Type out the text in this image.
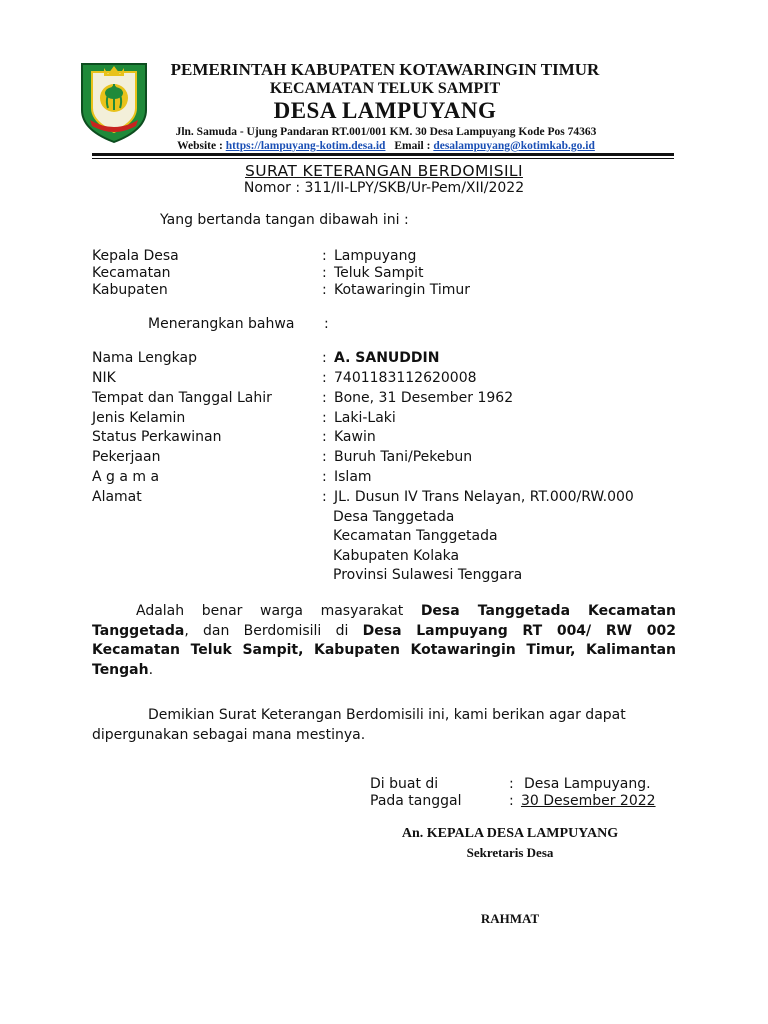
PEMERINTAH KABUPATEN KOTAWARINGIN TIMUR
KECAMATAN TELUK SAMPIT
DESA LAMPUYANG
Jln. Samuda - Ujung Pandaran RT.001/001 KM. 30 Desa Lampuyang Kode Pos 74363
Website : https://lampuyang-kotim.desa.id Email : desalampuyang@kotimkab.go.id
SURAT KETERANGAN BERDOMISILI
Nomor : 311/II-LPY/SKB/Ur-Pem/XII/2022
Yang bertanda tangan dibawah ini :
Kepala Desa	: Lampuyang
Kecamatan	: Teluk Sampit
Kabupaten	: Kotawaringin Timur
Menerangkan bahwa :
Nama Lengkap	: A. SANUDDIN
NIK	: 7401183112620008
Tempat dan Tanggal Lahir	: Bone, 31 Desember 1962
Jenis Kelamin	: Laki-Laki
Status Perkawinan	: Kawin
Pekerjaan	: Buruh Tani/Pekebun
A g a m a	: Islam
Alamat	: JL. Dusun IV Trans Nelayan, RT.000/RW.000
Desa Tanggetada
Kecamatan Tanggetada
Kabupaten Kolaka
Provinsi Sulawesi Tenggara
Adalah benar warga masyarakat Desa Tanggetada Kecamatan Tanggetada, dan Berdomisili di Desa Lampuyang RT 004/ RW 002 Kecamatan Teluk Sampit, Kabupaten Kotawaringin Timur, Kalimantan Tengah.
Demikian Surat Keterangan Berdomisili ini, kami berikan agar dapat dipergunakan sebagai mana mestinya.
Di buat di	: Desa Lampuyang.
Pada tanggal	: 30 Desember 2022
An. KEPALA DESA LAMPUYANG
Sekretaris Desa
RAHMAT
